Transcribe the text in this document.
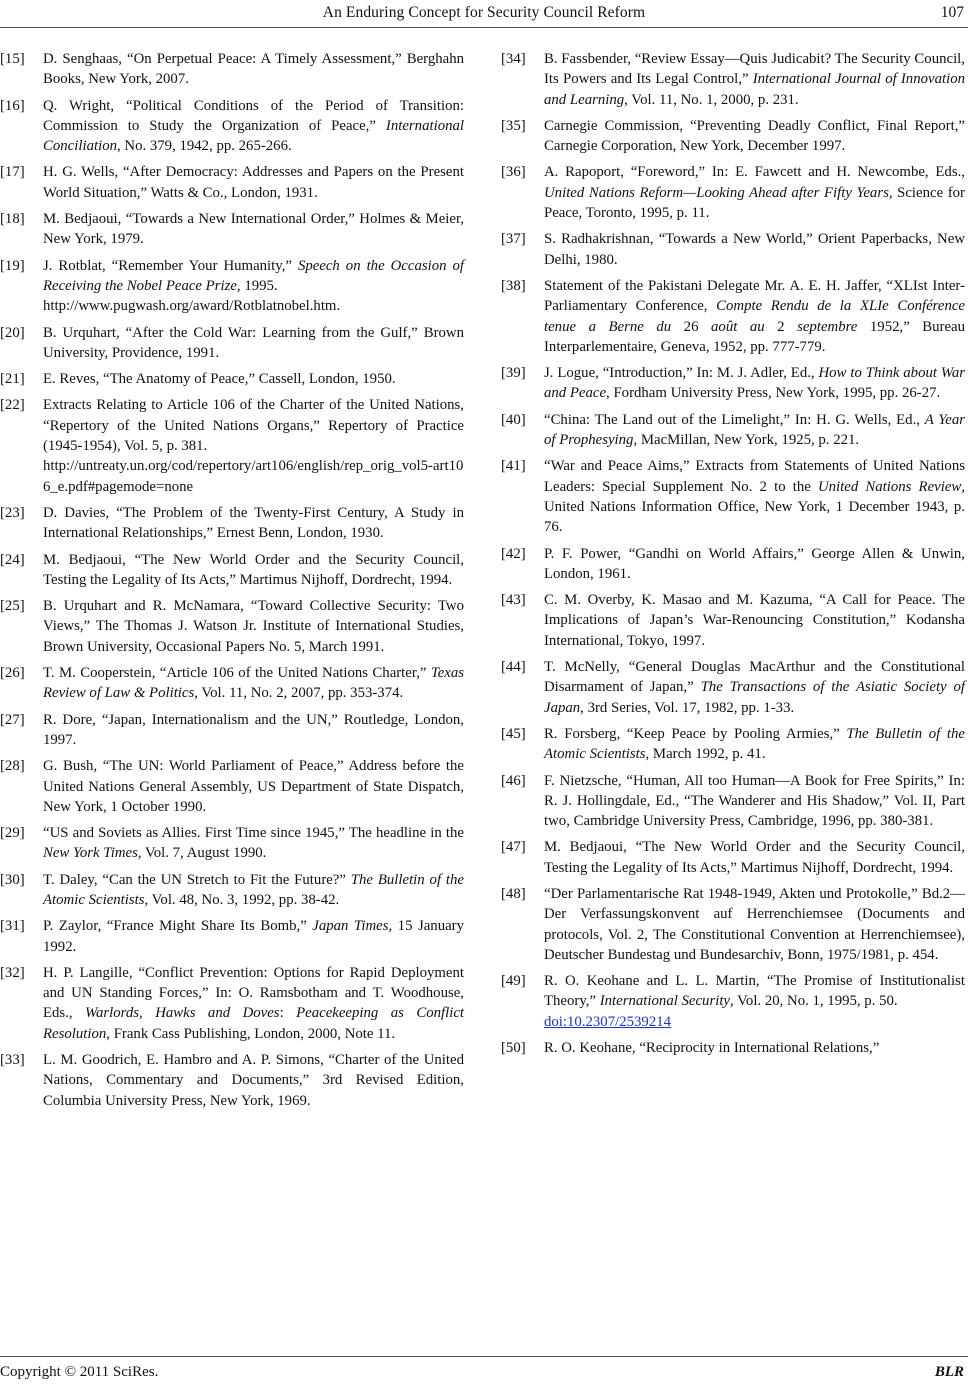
An Enduring Concept for Security Council Reform	107
[15] D. Senghaas, “On Perpetual Peace: A Timely Assessment,” Berghahn Books, New York, 2007.
[16] Q. Wright, “Political Conditions of the Period of Transition: Commission to Study the Organization of Peace,” International Conciliation, No. 379, 1942, pp. 265-266.
[17] H. G. Wells, “After Democracy: Addresses and Papers on the Present World Situation,” Watts & Co., London, 1931.
[18] M. Bedjaoui, “Towards a New International Order,” Holmes & Meier, New York, 1979.
[19] J. Rotblat, “Remember Your Humanity,” Speech on the Occasion of Receiving the Nobel Peace Prize, 1995.
http://www.pugwash.org/award/Rotblatnobel.htm.
[20] B. Urquhart, “After the Cold War: Learning from the Gulf,” Brown University, Providence, 1991.
[21] E. Reves, “The Anatomy of Peace,” Cassell, London, 1950.
[22] Extracts Relating to Article 106 of the Charter of the United Nations, “Repertory of the United Nations Organs,” Repertory of Practice (1945-1954), Vol. 5, p. 381.
http://untreaty.un.org/cod/repertory/art106/english/rep_orig_vol5-art106_e.pdf#pagemode=none
[23] D. Davies, “The Problem of the Twenty-First Century, A Study in International Relationships,” Ernest Benn, London, 1930.
[24] M. Bedjaoui, “The New World Order and the Security Council, Testing the Legality of Its Acts,” Martimus Nijhoff, Dordrecht, 1994.
[25] B. Urquhart and R. McNamara, “Toward Collective Security: Two Views,” The Thomas J. Watson Jr. Institute of International Studies, Brown University, Occasional Papers No. 5, March 1991.
[26] T. M. Cooperstein, “Article 106 of the United Nations Charter,” Texas Review of Law & Politics, Vol. 11, No. 2, 2007, pp. 353-374.
[27] R. Dore, “Japan, Internationalism and the UN,” Routledge, London, 1997.
[28] G. Bush, “The UN: World Parliament of Peace,” Address before the United Nations General Assembly, US Department of State Dispatch, New York, 1 October 1990.
[29] “US and Soviets as Allies. First Time since 1945,” The headline in the New York Times, Vol. 7, August 1990.
[30] T. Daley, “Can the UN Stretch to Fit the Future?” The Bulletin of the Atomic Scientists, Vol. 48, No. 3, 1992, pp. 38-42.
[31] P. Zaylor, “France Might Share Its Bomb,” Japan Times, 15 January 1992.
[32] H. P. Langille, “Conflict Prevention: Options for Rapid Deployment and UN Standing Forces,” In: O. Ramsbotham and T. Woodhouse, Eds., Warlords, Hawks and Doves: Peacekeeping as Conflict Resolution, Frank Cass Publishing, London, 2000, Note 11.
[33] L. M. Goodrich, E. Hambro and A. P. Simons, “Charter of the United Nations, Commentary and Documents,” 3rd Revised Edition, Columbia University Press, New York, 1969.
[34] B. Fassbender, “Review Essay—Quis Judicabit? The Security Council, Its Powers and Its Legal Control,” International Journal of Innovation and Learning, Vol. 11, No. 1, 2000, p. 231.
[35] Carnegie Commission, “Preventing Deadly Conflict, Final Report,” Carnegie Corporation, New York, December 1997.
[36] A. Rapoport, “Foreword,” In: E. Fawcett and H. Newcombe, Eds., United Nations Reform—Looking Ahead after Fifty Years, Science for Peace, Toronto, 1995, p. 11.
[37] S. Radhakrishnan, “Towards a New World,” Orient Paperbacks, New Delhi, 1980.
[38] Statement of the Pakistani Delegate Mr. A. E. H. Jaffer, “XLIst Inter-Parliamentary Conference, Compte Rendu de la XLIe Conférence tenue a Berne du 26 août au 2 septembre 1952,” Bureau Interparlementaire, Geneva, 1952, pp. 777-779.
[39] J. Logue, “Introduction,” In: M. J. Adler, Ed., How to Think about War and Peace, Fordham University Press, New York, 1995, pp. 26-27.
[40] “China: The Land out of the Limelight,” In: H. G. Wells, Ed., A Year of Prophesying, MacMillan, New York, 1925, p. 221.
[41] “War and Peace Aims,” Extracts from Statements of United Nations Leaders: Special Supplement No. 2 to the United Nations Review, United Nations Information Office, New York, 1 December 1943, p. 76.
[42] P. F. Power, “Gandhi on World Affairs,” George Allen & Unwin, London, 1961.
[43] C. M. Overby, K. Masao and M. Kazuma, “A Call for Peace. The Implications of Japan’s War-Renouncing Constitution,” Kodansha International, Tokyo, 1997.
[44] T. McNelly, “General Douglas MacArthur and the Constitutional Disarmament of Japan,” The Transactions of the Asiatic Society of Japan, 3rd Series, Vol. 17, 1982, pp. 1-33.
[45] R. Forsberg, “Keep Peace by Pooling Armies,” The Bulletin of the Atomic Scientists, March 1992, p. 41.
[46] F. Nietzsche, “Human, All too Human—A Book for Free Spirits,” In: R. J. Hollingdale, Ed., “The Wanderer and His Shadow,” Vol. II, Part two, Cambridge University Press, Cambridge, 1996, pp. 380-381.
[47] M. Bedjaoui, “The New World Order and the Security Council, Testing the Legality of Its Acts,” Martimus Nijhoff, Dordrecht, 1994.
[48] “Der Parlamentarische Rat 1948-1949, Akten und Protokolle,” Bd.2—Der Verfassungskonvent auf Herrenchiemsee (Documents and protocols, Vol. 2, The Constitutional Convention at Herrenchiemsee), Deutscher Bundestag und Bundesarchiv, Bonn, 1975/1981, p. 454.
[49] R. O. Keohane and L. L. Martin, “The Promise of Institutionalist Theory,” International Security, Vol. 20, No. 1, 1995, p. 50.
doi:10.2307/2539214
[50] R. O. Keohane, “Reciprocity in International Relations,”
Copyright © 2011 SciRes.	BLR
